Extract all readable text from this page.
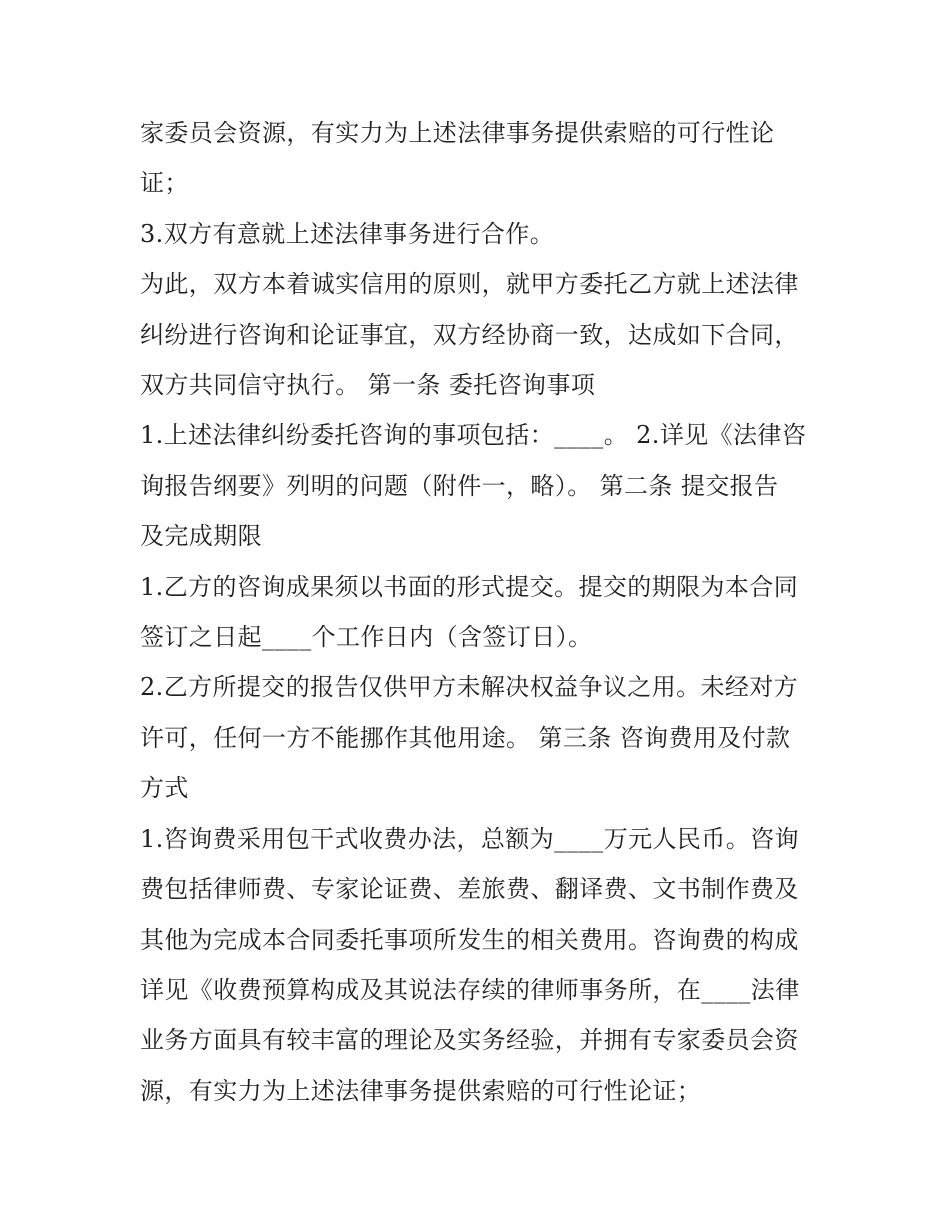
家委员会资源，有实力为上述法律事务提供索赔的可行性论
证；
3.双方有意就上述法律事务进行合作。
为此，双方本着诚实信用的原则，就甲方委托乙方就上述法律
纠纷进行咨询和论证事宜，双方经协商一致，达成如下合同，
双方共同信守执行。 第一条 委托咨询事项
1.上述法律纠纷委托咨询的事项包括：____。 2.详见《法律咨
询报告纲要》列明的问题（附件一，略）。 第二条 提交报告
及完成期限
1.乙方的咨询成果须以书面的形式提交。提交的期限为本合同
签订之日起____个工作日内（含签订日）。
2.乙方所提交的报告仅供甲方未解决权益争议之用。未经对方
许可，任何一方不能挪作其他用途。 第三条 咨询费用及付款
方式
1.咨询费采用包干式收费办法，总额为____万元人民币。咨询
费包括律师费、专家论证费、差旅费、翻译费、文书制作费及
其他为完成本合同委托事项所发生的相关费用。咨询费的构成
详见《收费预算构成及其说法存续的律师事务所，在____法律
业务方面具有较丰富的理论及实务经验，并拥有专家委员会资
源，有实力为上述法律事务提供索赔的可行性论证；
